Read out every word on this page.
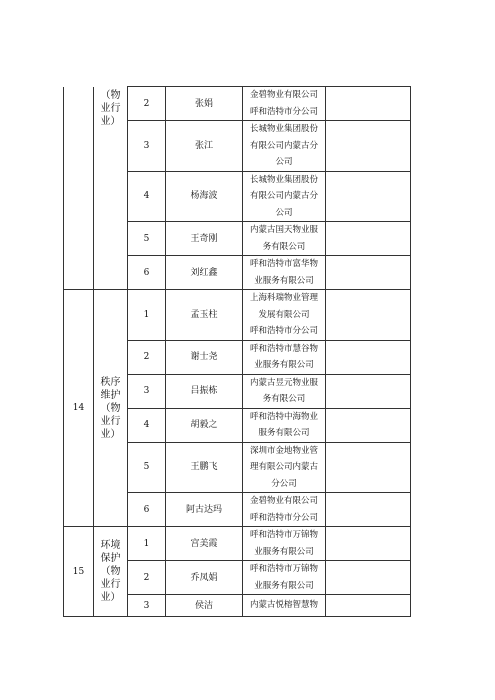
	（物
业行
业）	2	张娟	金碧物业有限公司
呼和浩特市分公司	

		3	张江	长城物业集团股份
有限公司内蒙古分
公司	

		4	杨海波	长城物业集团股份
有限公司内蒙古分
公司	

		5	王奇刚	内蒙古国天物业服
务有限公司	

		6	刘红鑫	呼和浩特市富华物
业服务有限公司	

14	秩序
维护
（物
业行
业）	1	孟玉柱	上海科瑞物业管理
发展有限公司
呼和浩特市分公司	

		2	谢士尧	呼和浩特市慧谷物
业服务有限公司	

		3	吕振栋	内蒙古昱元物业服
务有限公司	

		4	胡毅之	呼和浩特中海物业
服务有限公司	

		5	王鹏飞	深圳市金地物业管
理有限公司内蒙古
分公司	

		6	阿古达玛	金碧物业有限公司
呼和浩特市分公司	

15	环境
保护
（物
业行
业）	1	宫美霞	呼和浩特市万锦物
业服务有限公司	

		2	乔凤娟	呼和浩特市万锦物
业服务有限公司	

		3	侯洁	内蒙古悦榕智慧物	
